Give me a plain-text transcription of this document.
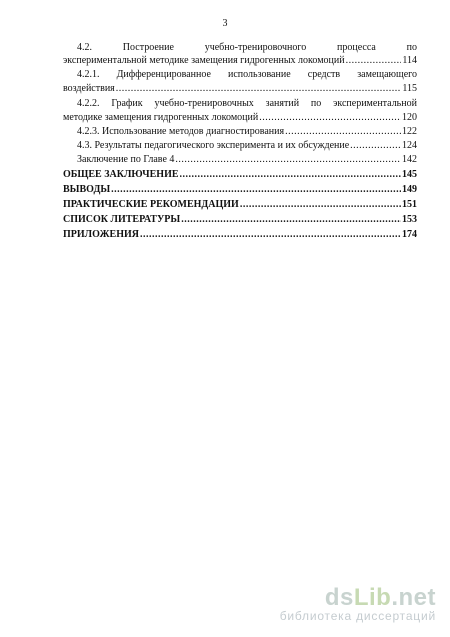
3
4.2.	Построение	учебно-тренировочного	процесса	по
экспериментальной методике замещения гидрогенных локомоций .....	114
4.2.1. Дифференцированное использование средств замещающего
воздействия .....	115
4.2.2. График учебно-тренировочных занятий по экспериментальной
методике замещения гидрогенных локомоций .....	120
4.2.3. Использование методов диагностирования .....	122
4.3. Результаты педагогического эксперимента и их обсуждение .....	124
Заключение по Главе 4 .....	142
ОБЩЕЕ ЗАКЛЮЧЕНИЕ .....	145
ВЫВОДЫ .....	149
ПРАКТИЧЕСКИЕ РЕКОМЕНДАЦИИ .....	151
СПИСОК ЛИТЕРАТУРЫ .....	153
ПРИЛОЖЕНИЯ .....	174
dsLib.net
библиотека диссертаций
